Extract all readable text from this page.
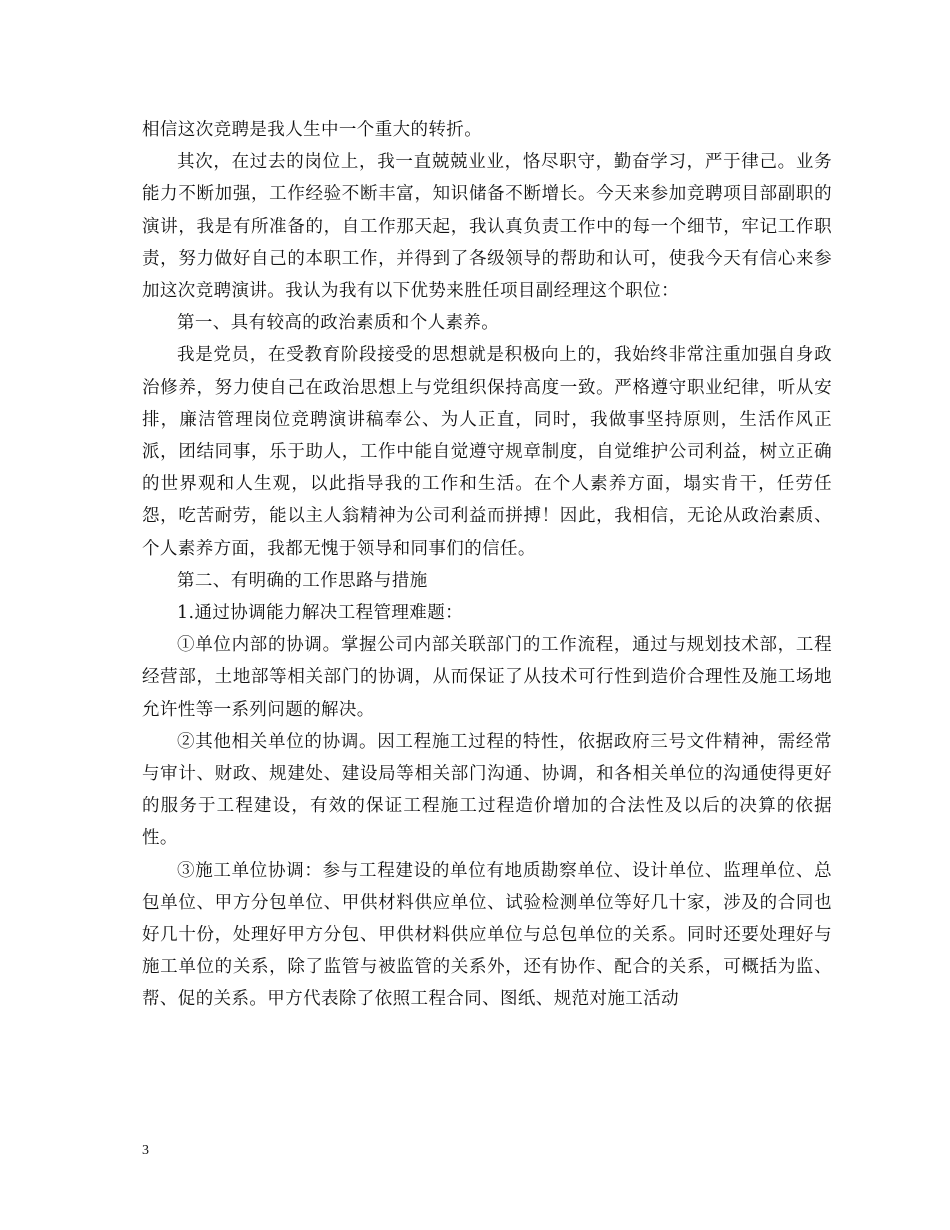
相信这次竞聘是我人生中一个重大的转折。

其次，在过去的岗位上，我一直兢兢业业，恪尽职守，勤奋学习，严于律己。业务能力不断加强，工作经验不断丰富，知识储备不断增长。今天来参加竞聘项目部副职的演讲，我是有所准备的，自工作那天起，我认真负责工作中的每一个细节，牢记工作职责，努力做好自己的本职工作，并得到了各级领导的帮助和认可，使我今天有信心来参加这次竞聘演讲。我认为我有以下优势来胜任项目副经理这个职位：

第一、具有较高的政治素质和个人素养。

我是党员，在受教育阶段接受的思想就是积极向上的，我始终非常注重加强自身政治修养，努力使自己在政治思想上与党组织保持高度一致。严格遵守职业纪律，听从安排，廉洁管理岗位竞聘演讲稿奉公、为人正直，同时，我做事坚持原则，生活作风正派，团结同事，乐于助人，工作中能自觉遵守规章制度，自觉维护公司利益，树立正确的世界观和人生观，以此指导我的工作和生活。在个人素养方面，塌实肯干，任劳任怨，吃苦耐劳，能以主人翁精神为公司利益而拼搏！因此，我相信，无论从政治素质、个人素养方面，我都无愧于领导和同事们的信任。

第二、有明确的工作思路与措施

1.通过协调能力解决工程管理难题：

①单位内部的协调。掌握公司内部关联部门的工作流程，通过与规划技术部，工程经营部，土地部等相关部门的协调，从而保证了从技术可行性到造价合理性及施工场地允许性等一系列问题的解决。

②其他相关单位的协调。因工程施工过程的特性，依据政府三号文件精神，需经常与审计、财政、规建处、建设局等相关部门沟通、协调，和各相关单位的沟通使得更好的服务于工程建设，有效的保证工程施工过程造价增加的合法性及以后的决算的依据性。

③施工单位协调：参与工程建设的单位有地质勘察单位、设计单位、监理单位、总包单位、甲方分包单位、甲供材料供应单位、试验检测单位等好几十家，涉及的合同也好几十份，处理好甲方分包、甲供材料供应单位与总包单位的关系。同时还要处理好与施工单位的关系，除了监管与被监管的关系外，还有协作、配合的关系，可概括为监、帮、促的关系。甲方代表除了依照工程合同、图纸、规范对施工活动

3
